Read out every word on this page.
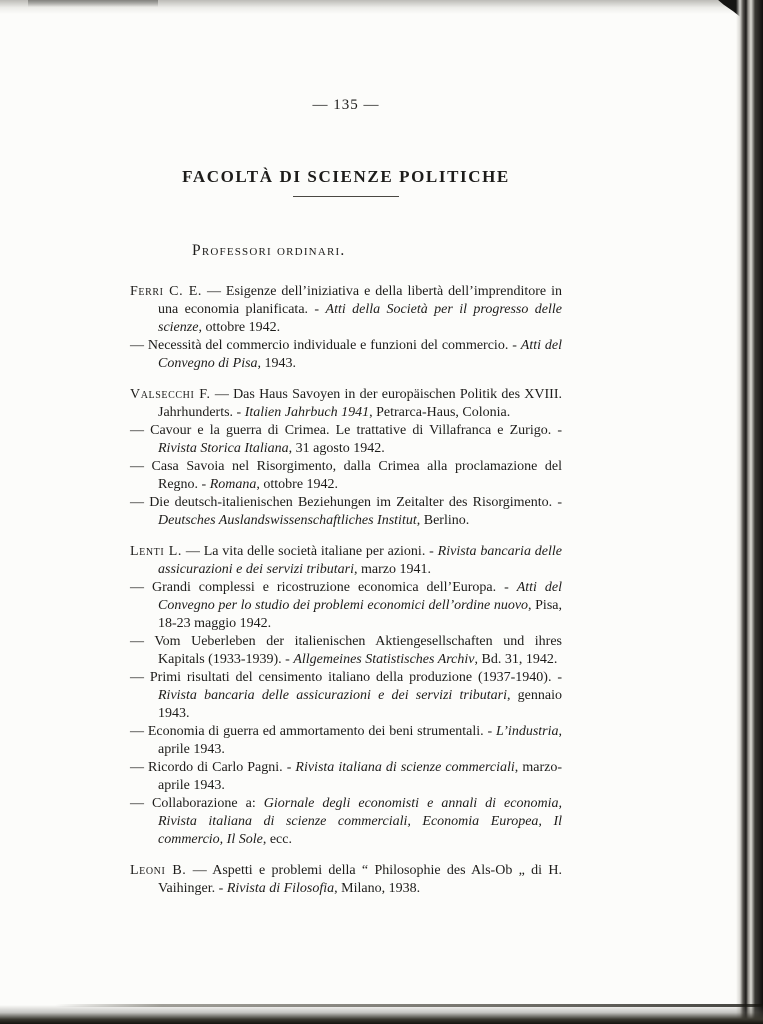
— 135 —
FACOLTÀ DI SCIENZE POLITICHE
Professori ordinari.

Ferri C. E. — Esigenze dell’iniziativa e della libertà dell’imprenditore in una economia planificata. - Atti della Società per il progresso delle scienze, ottobre 1942.

— Necessità del commercio individuale e funzioni del commercio. - Atti del Convegno di Pisa, 1943.

Valsecchi F. — Das Haus Savoyen in der europäischen Politik des XVIII. Jahrhunderts. - Italien Jahrbuch 1941, Petrarca-Haus, Colonia.

— Cavour e la guerra di Crimea. Le trattative di Villafranca e Zurigo. - Rivista Storica Italiana, 31 agosto 1942.

— Casa Savoia nel Risorgimento, dalla Crimea alla proclamazione del Regno. - Romana, ottobre 1942.

— Die deutsch-italienischen Beziehungen im Zeitalter des Risorgimento. - Deutsches Auslandswissenschaftliches Institut, Berlino.

Lenti L. — La vita delle società italiane per azioni. - Rivista bancaria delle assicurazioni e dei servizi tributari, marzo 1941.

— Grandi complessi e ricostruzione economica dell’Europa. - Atti del Convegno per lo studio dei problemi economici dell’ordine nuovo, Pisa, 18-23 maggio 1942.

— Vom Ueberleben der italienischen Aktiengesellschaften und ihres Kapitals (1933-1939). - Allgemeines Statistisches Archiv, Bd. 31, 1942.

— Primi risultati del censimento italiano della produzione (1937-1940). - Rivista bancaria delle assicurazioni e dei servizi tributari, gennaio 1943.

— Economia di guerra ed ammortamento dei beni strumentali. - L’industria, aprile 1943.

— Ricordo di Carlo Pagni. - Rivista italiana di scienze commerciali, marzo-aprile 1943.

— Collaborazione a: Giornale degli economisti e annali di economia, Rivista italiana di scienze commerciali, Economia Europea, Il commercio, Il Sole, ecc.

Leoni B. — Aspetti e problemi della “ Philosophie des Als-Ob „ di H. Vaihinger. - Rivista di Filosofia, Milano, 1938.
